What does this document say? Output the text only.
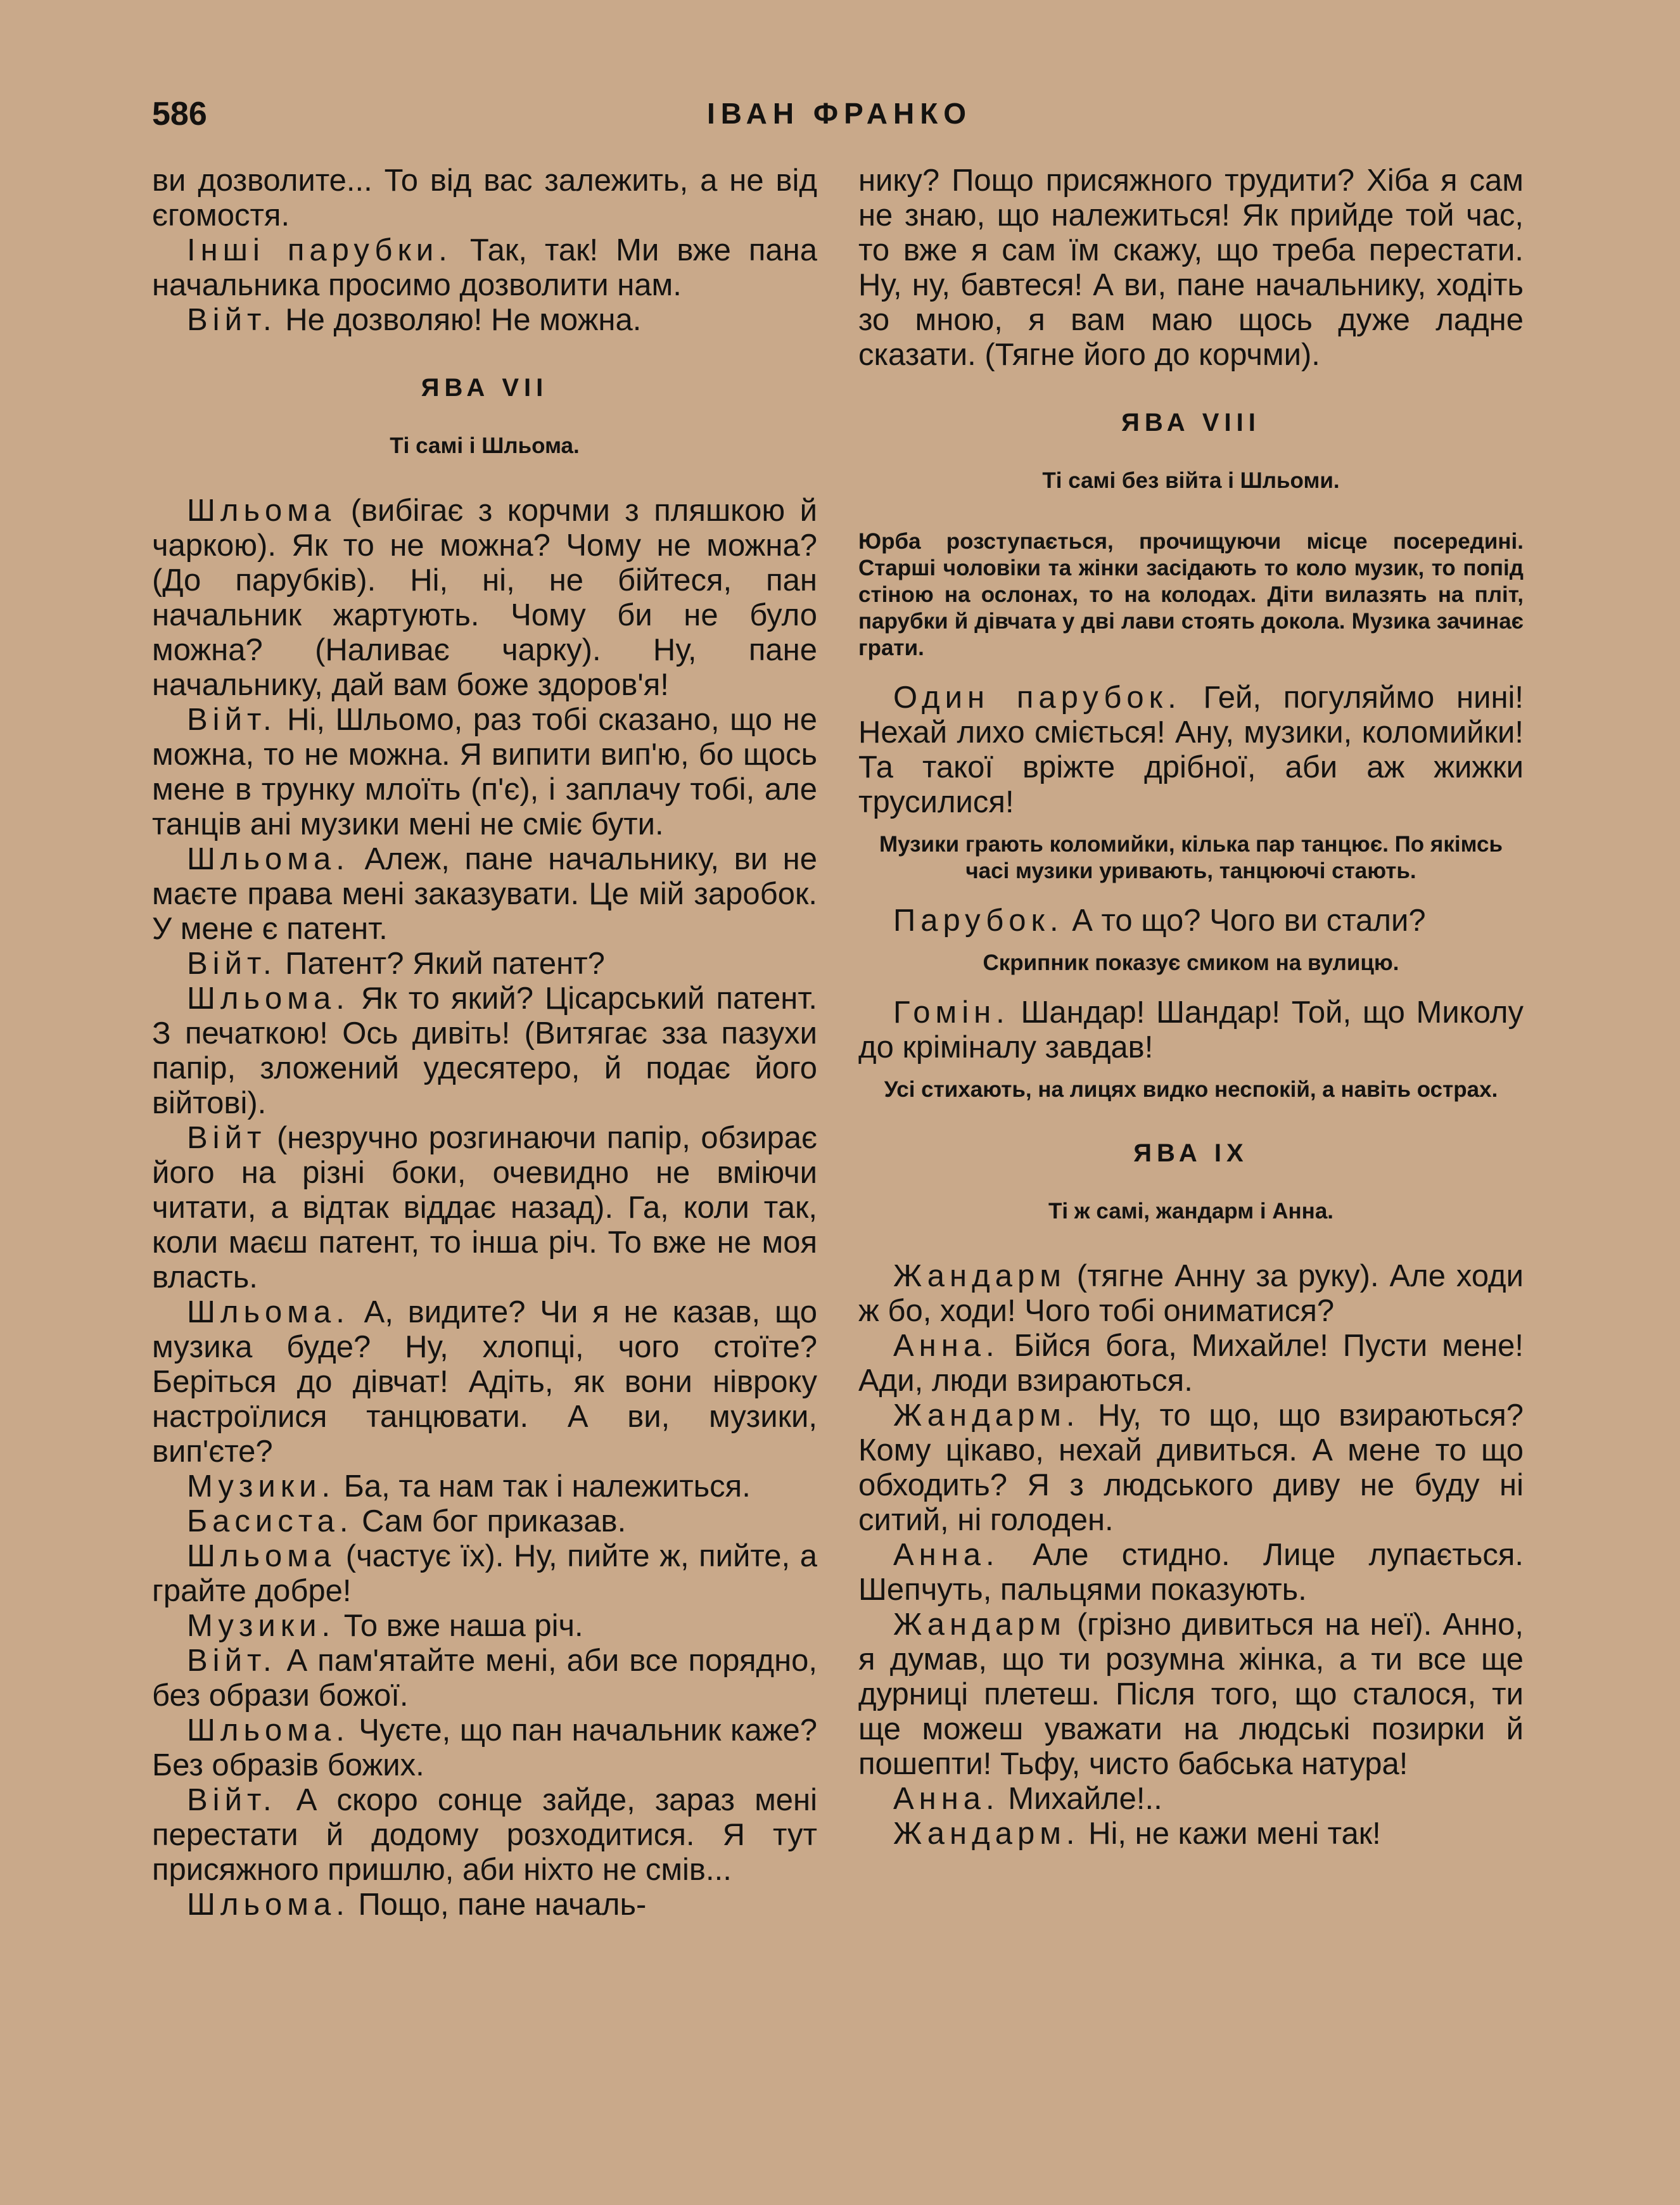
586	ІВАН ФРАНКО

ви дозволите... То від вас залежить, а не від єгомостя.

Інші парубки. Так, так! Ми вже пана начальника просимо дозволити нам.

Війт. Не дозволяю! Не можна.

ЯВА VII
Ті самі і Шльома.

Шльома (вибігає з корчми з пляшкою й чаркою). Як то не можна? Чому не можна? (До парубків). Ні, ні, не бійтеся, пан начальник жартують. Чому би не було можна? (Наливає чарку). Ну, пане начальнику, дай вам боже здоров'я!

Війт. Ні, Шльомо, раз тобі сказано, що не можна, то не можна. Я випити вип'ю, бо щось мене в трунку млоїть (п'є), і заплачу тобі, але танців ані музики мені не сміє бути.

Шльома. Алеж, пане начальнику, ви не маєте права мені заказувати. Це мій заробок. У мене є патент.

Війт. Патент? Який патент?

Шльома. Як то який? Цісарський патент. З печаткою! Ось дивіть! (Витягає зза пазухи папір, зложений удесятеро, й подає його війтові).

Війт (незручно розгинаючи папір, обзирає його на різні боки, очевидно не вміючи читати, а відтак віддає назад). Га, коли так, коли маєш патент, то інша річ. То вже не моя власть.

Шльома. А, видите? Чи я не казав, що музика буде? Ну, хлопці, чого стоїте? Беріться до дівчат! Адіть, як вони нівроку настроїлися танцювати. А ви, музики, вип'єте?

Музики. Ба, та нам так і належиться.

Басиста. Сам бог приказав.

Шльома (частує їх). Ну, пийте ж, пийте, а грайте добре!

Музики. То вже наша річ.

Війт. А пам'ятайте мені, аби все порядно, без образи божої.

Шльома. Чуєте, що пан начальник каже? Без образів божих.

Війт. А скоро сонце зайде, зараз мені перестати й додому розходитися. Я тут присяжного пришлю, аби ніхто не смів...

Шльома. Пощо, пане началь-

нику? Пощо присяжного трудити? Хіба я сам не знаю, що належиться! Як прийде той час, то вже я сам їм скажу, що треба перестати. Ну, ну, бавтеся! А ви, пане начальнику, ходіть зо мною, я вам маю щось дуже ладне сказати. (Тягне його до корчми).

ЯВА VIII
Ті самі без війта і Шльоми.

Юрба розступається, прочищуючи місце посередині. Старші чоловіки та жінки засідають то коло музик, то попід стіною на ослонах, то на колодах. Діти вилазять на пліт, парубки й дівчата у дві лави стоять докола. Музика зачинає грати.

Один парубок. Гей, погуляймо нині! Нехай лихо сміється! Ану, музики, коломийки! Та такої вріжте дрібної, аби аж жижки трусилися!

Музики грають коломийки, кілька пар танцює. По якімсь часі музики уривають, танцюючі стають.

Парубок. А то що? Чого ви стали?

Скрипник показує смиком на вулицю.

Гомін. Шандар! Шандар! Той, що Миколу до кріміналу завдав!

Усі стихають, на лицях видко неспокій, а навіть острах.

ЯВА IX
Ті ж самі, жандарм і Анна.

Жандарм (тягне Анну за руку). Але ходи ж бо, ходи! Чого тобі ониматися?

Анна. Бійся бога, Михайле! Пусти мене! Ади, люди взираються.

Жандарм. Ну, то що, що взираються? Кому цікаво, нехай дивиться. А мене то що обходить? Я з людського диву не буду ні ситий, ні голоден.

Анна. Але стидно. Лице лупається. Шепчуть, пальцями показують.

Жандарм (грізно дивиться на неї). Анно, я думав, що ти розумна жінка, а ти все ще дурниці плетеш. Після того, що сталося, ти ще можеш уважати на людські позирки й пошепти! Тьфу, чисто бабська натура!

Анна. Михайле!..

Жандарм. Ні, не кажи мені так!
